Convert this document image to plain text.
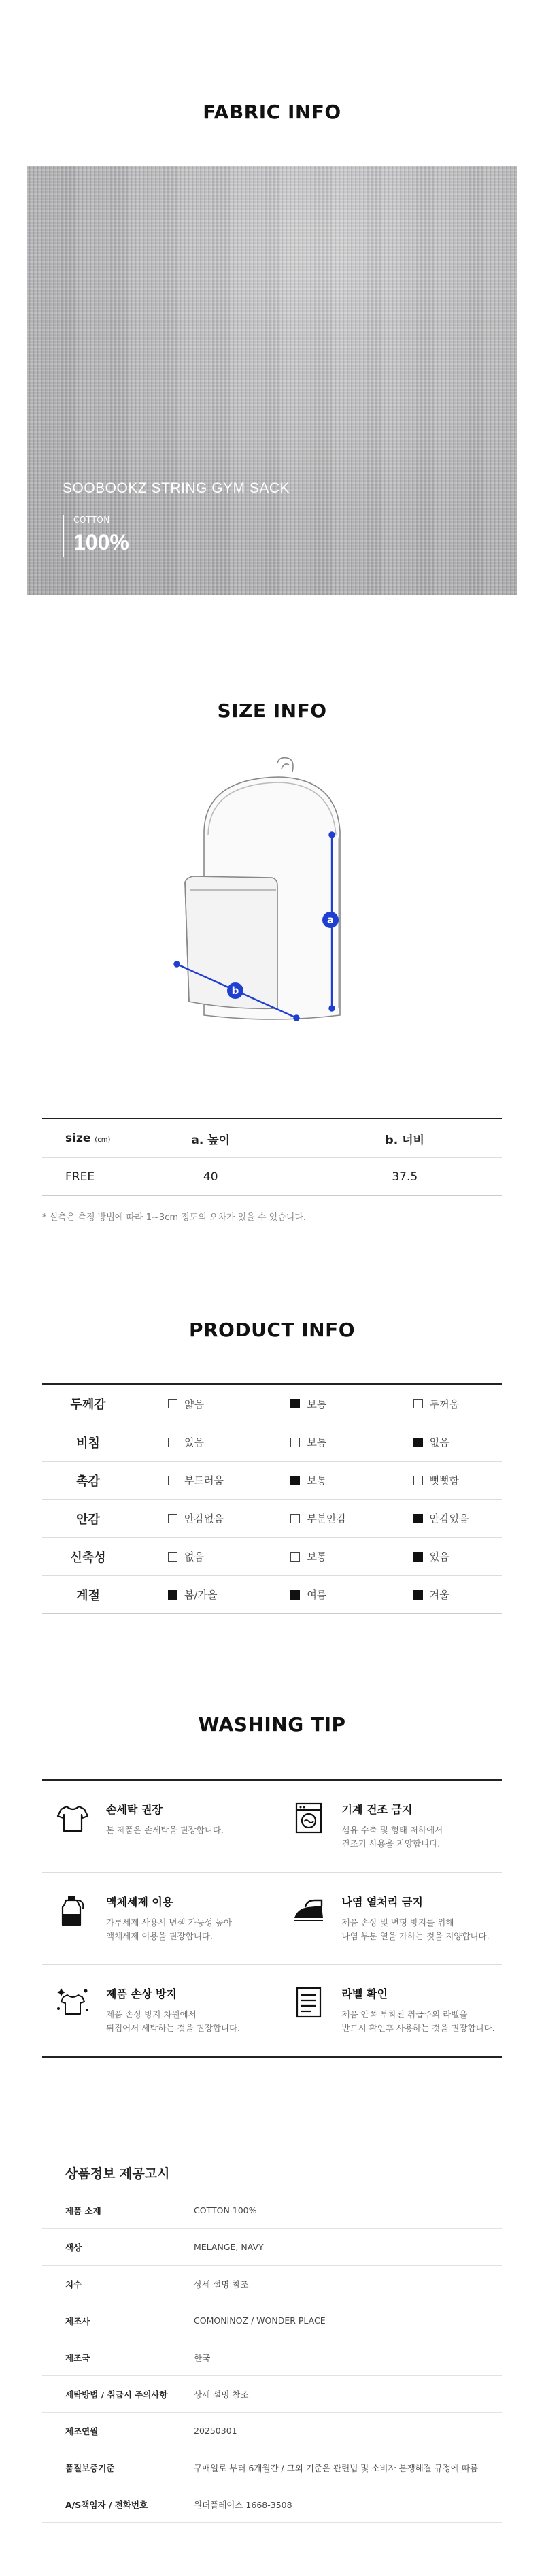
FABRIC INFO
SOOBOOKZ STRING GYM SACK
COTTON
100%
SIZE INFO
a
b
size (cm)	a. 높이	b. 너비
FREE	40	37.5
* 실측은 측정 방법에 따라 1~3cm 정도의 오차가 있을 수 있습니다.
PRODUCT INFO
두께감	얇음	보통	두꺼움
비침	있음	보통	없음
촉감	부드러움	보통	뻣뻣함
안감	안감없음	부분안감	안감있음
신축성	없음	보통	있음
계절	봄/가을	여름	겨울
WASHING TIP
손세탁 권장
본 제품은 손세탁을 권장합니다.
기계 건조 금지
섬유 수축 및 형태 저하에서
건조기 사용을 지양합니다.
액체세제 이용
가루세제 사용시 변색 가능성 높아
액체세제 이용을 권장합니다.
나염 열처리 금지
제품 손상 및 변형 방지를 위해
나염 부분 열을 가하는 것을 지양합니다.
제품 손상 방지
제품 손상 방지 차원에서
뒤집어서 세탁하는 것을 권장합니다.
라벨 확인
제품 안쪽 부착된 취급주의 라벨을
반드시 확인후 사용하는 것을 권장합니다.
상품정보 제공고시
제품 소재	COTTON 100%
색상	MELANGE, NAVY
치수	상세 설명 참조
제조사	COMONINOZ / WONDER PLACE
제조국	한국
세탁방법 / 취급시 주의사항	상세 설명 참조
제조연월	20250301
품질보증기준	구매일로 부터 6개월간 / 그외 기준은 관련법 및 소비자 분쟁해결 규정에 따름
A/S책임자 / 전화번호	원더플레이스 1668-3508
